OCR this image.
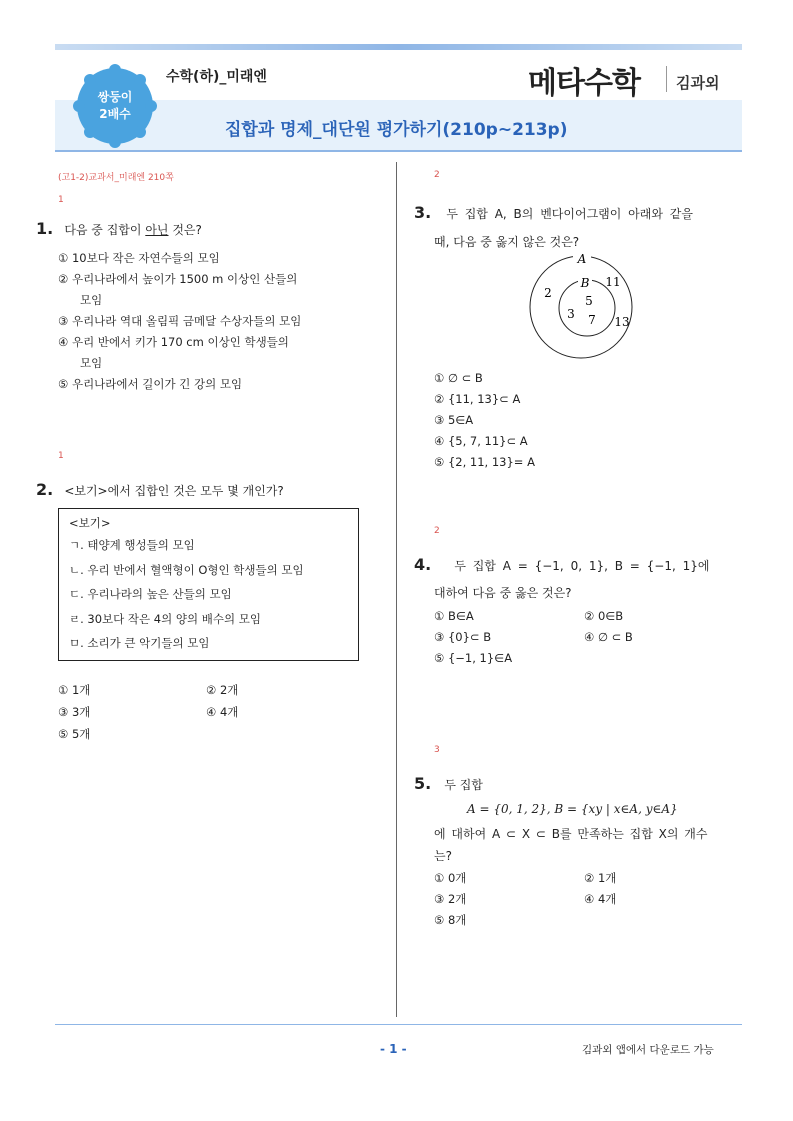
쌍둥이
2배수
수학(하)_미래엔	메타수학 김과외
집합과 명제_대단원 평가하기(210p~213p)
(고1-2)교과서_미래엔 210쪽
1
1. 다음 중 집합이 아닌 것은?
① 10보다 작은 자연수들의 모임
② 우리나라에서 높이가 1500 m 이상인 산들의
모임
③ 우리나라 역대 올림픽 금메달 수상자들의 모임
④ 우리 반에서 키가 170 cm 이상인 학생들의
모임
⑤ 우리나라에서 길이가 긴 강의 모임
1
2. <보기>에서 집합인 것은 모두 몇 개인가?
<보기>
ㄱ. 태양계 행성들의 모임
ㄴ. 우리 반에서 혈액형이 O형인 학생들의 모임
ㄷ. 우리나라의 높은 산들의 모임
ㄹ. 30보다 작은 4의 양의 배수의 모임
ㅁ. 소리가 큰 악기들의 모임
① 1개	② 2개
③ 3개	④ 4개
⑤ 5개
2
3. 두 집합 A, B의 벤다이어그램이 아래와 같을
때, 다음 중 옳지 않은 것은?
A
B
2
11
13
5
3 7
① ∅ ⊂ B
② {11, 13}⊂ A
③ 5∈A
④ {5, 7, 11}⊂ A
⑤ {2, 11, 13}= A
2
4. 두 집합 A = {−1, 0, 1}, B = {−1, 1}에
대하여 다음 중 옳은 것은?
① B∈A	② 0∈B
③ {0}⊂ B	④ ∅ ⊂ B
⑤ {−1, 1}∈A
3
5. 두 집합
A = {0, 1, 2}, B = {xy | x∈A, y∈A}
에 대하여 A ⊂ X ⊂ B를 만족하는 집합 X의 개수
는?
① 0개	② 1개
③ 2개	④ 4개
⑤ 8개
- 1 -	김과외 앱에서 다운로드 가능
